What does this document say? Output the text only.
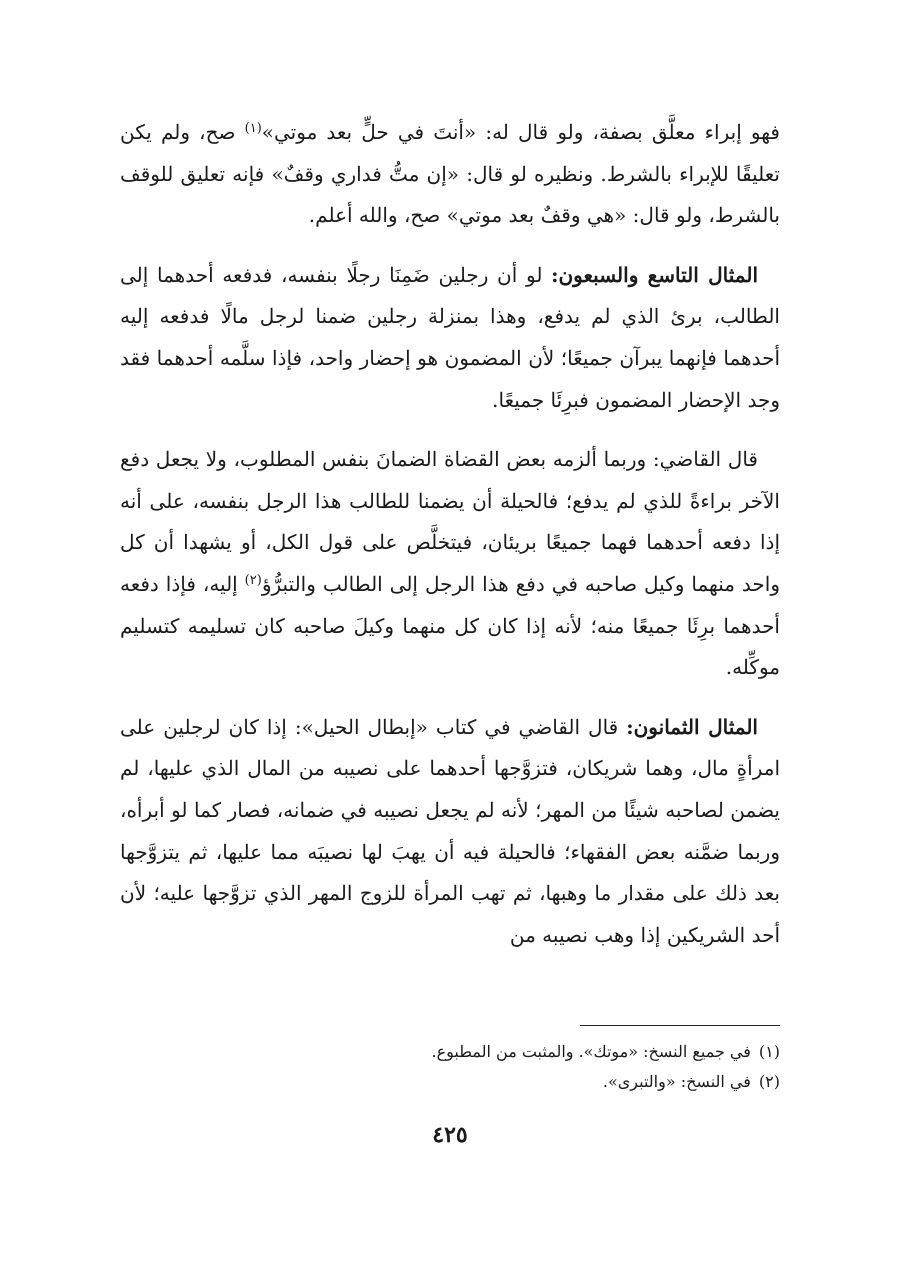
فهو إبراء معلَّق بصفة، ولو قال له: «أنتَ في حلٍّ بعد موتي»$^{(١)}$ صح، ولم يكن تعليقًا للإبراء بالشرط. ونظيره لو قال: «إن متُّ فداري وقفٌ» فإنه تعليق للوقف بالشرط، ولو قال: «هي وقفٌ بعد موتي» صح، والله أعلم.

المثال التاسع والسبعون: لو أن رجلين ضَمِنَا رجلًا بنفسه، فدفعه أحدهما إلى الطالب، برئ الذي لم يدفع، وهذا بمنزلة رجلين ضمنا لرجل مالًا فدفعه إليه أحدهما فإنهما يبرآن جميعًا؛ لأن المضمون هو إحضار واحد، فإذا سلَّمه أحدهما فقد وجد الإحضار المضمون فبرِئَا جميعًا.

قال القاضي: وربما ألزمه بعض القضاة الضمانَ بنفس المطلوب، ولا يجعل دفع الآخر براءةً للذي لم يدفع؛ فالحيلة أن يضمنا للطالب هذا الرجل بنفسه، على أنه إذا دفعه أحدهما فهما جميعًا بريئان، فيتخلَّص على قول الكل، أو يشهدا أن كل واحد منهما وكيل صاحبه في دفع هذا الرجل إلى الطالب والتبرُّؤ$^{(٢)}$ إليه، فإذا دفعه أحدهما برِئَا جميعًا منه؛ لأنه إذا كان كل منهما وكيلَ صاحبه كان تسليمه كتسليم موكِّله.

المثال الثمانون: قال القاضي في كتاب «إبطال الحيل»: إذا كان لرجلين على امرأةٍ مال، وهما شريكان، فتزوَّجها أحدهما على نصيبه من المال الذي عليها، لم يضمن لصاحبه شيئًا من المهر؛ لأنه لم يجعل نصيبه في ضمانه، فصار كما لو أبرأه، وربما ضمَّنه بعض الفقهاء؛ فالحيلة فيه أن يهبَ لها نصيبَه مما عليها، ثم يتزوَّجها بعد ذلك على مقدار ما وهبها، ثم تهب المرأة للزوج المهر الذي تزوَّجها عليه؛ لأن أحد الشريكين إذا وهب نصيبه من

(١)في جميع النسخ: «موتك». والمثبت من المطبوع.

(٢)في النسخ: «والتبرى».

٤٢٥
